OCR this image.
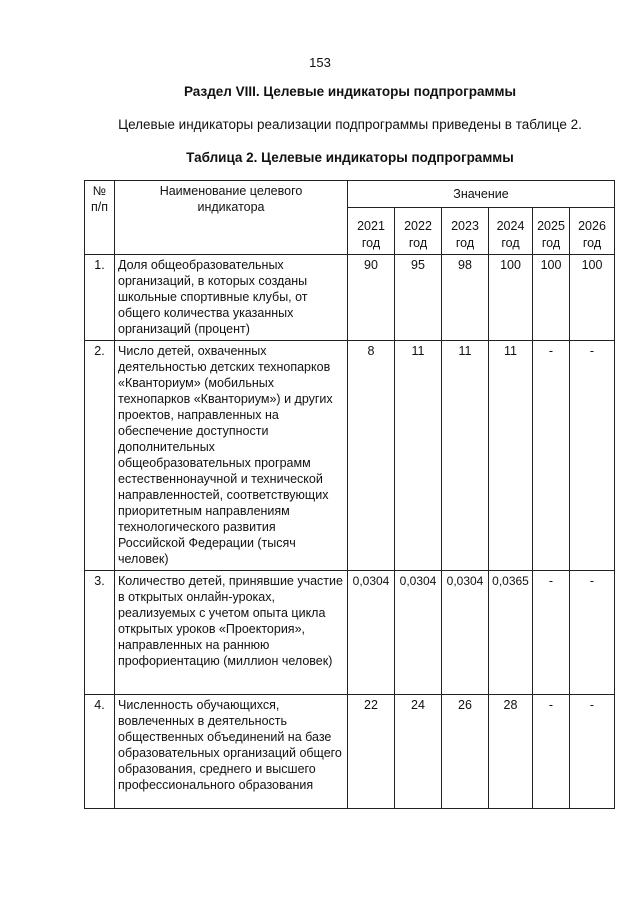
153
Раздел VIII. Целевые индикаторы подпрограммы
Целевые индикаторы реализации подпрограммы приведены в таблице 2.
Таблица 2. Целевые индикаторы подпрограммы
№ п/п	Наименование целевого индикатора	Значение					
		2021 год	2022 год	2023 год	2024 год	2025 год	2026 год
1.	Доля общеобразовательных организаций, в которых созданы школьные спортивные клубы, от общего количества указанных организаций (процент)	90	95	98	100	100	100
2.	Число детей, охваченных деятельностью детских технопарков «Кванториум» (мобильных технопарков «Кванториум») и других проектов, направленных на обеспечение доступности дополнительных общеобразовательных программ естественнонаучной и технической направленностей, соответствующих приоритетным направлениям технологического развития Российской Федерации (тысяч человек)	8	11	11	11	-	-
3.	Количество детей, принявшие участие в открытых онлайн-уроках, реализуемых с учетом опыта цикла открытых уроков «Проектория», направленных на раннюю профориентацию (миллион человек)	0,0304	0,0304	0,0304	0,0365	-	-
4.	Численность обучающихся, вовлеченных в деятельность общественных объединений на базе образовательных организаций общего образования, среднего и высшего профессионального образования	22	24	26	28	-	-
